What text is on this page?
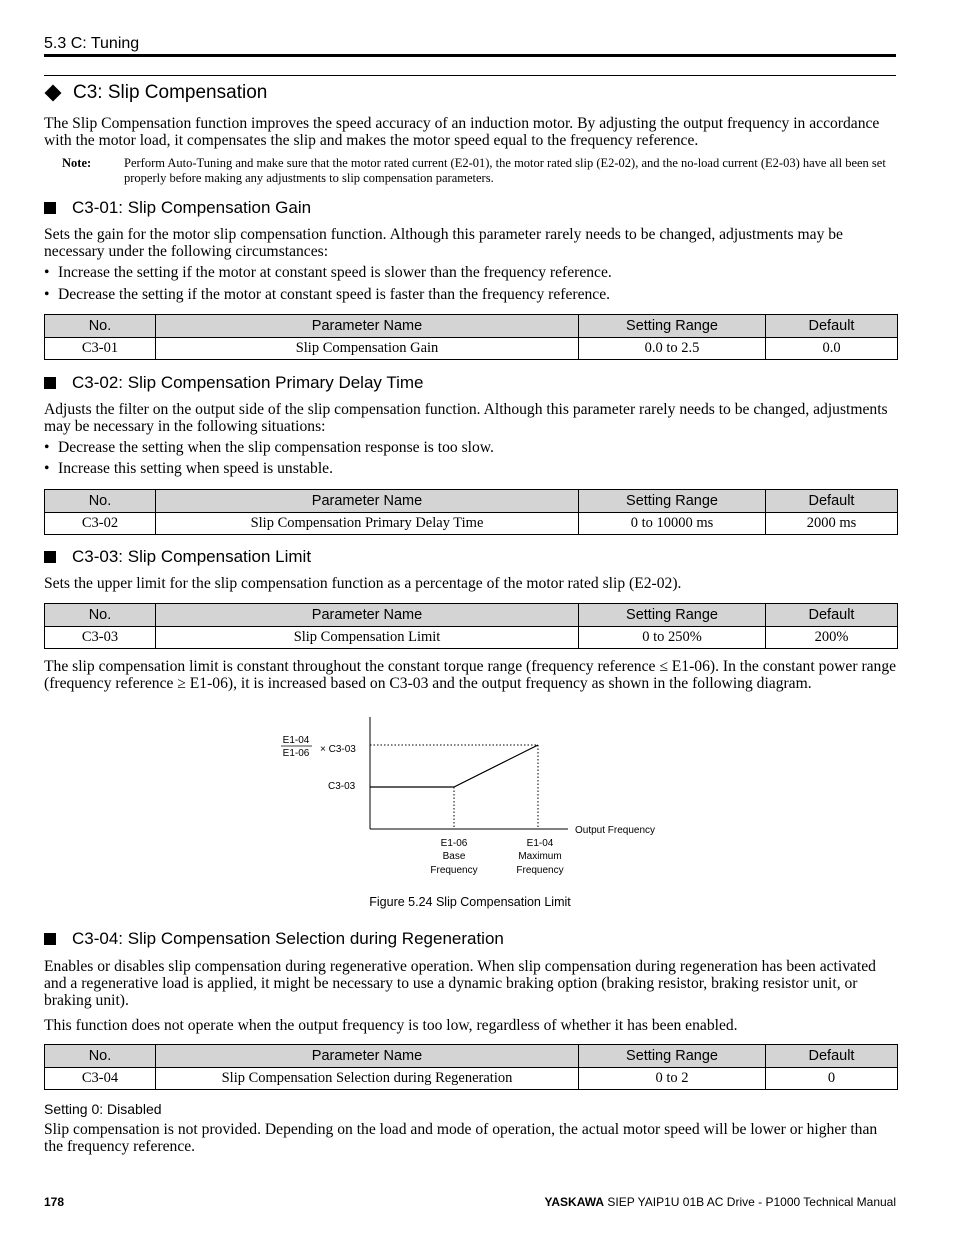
5.3 C: Tuning
C3: Slip Compensation
The Slip Compensation function improves the speed accuracy of an induction motor. By adjusting the output frequency in accordance with the motor load, it compensates the slip and makes the motor speed equal to the frequency reference.
Note:	Perform Auto-Tuning and make sure that the motor rated current (E2-01), the motor rated slip (E2-02), and the no-load current (E2-03) have all been set properly before making any adjustments to slip compensation parameters.
C3-01: Slip Compensation Gain
Sets the gain for the motor slip compensation function. Although this parameter rarely needs to be changed, adjustments may be necessary under the following circumstances:
• Increase the setting if the motor at constant speed is slower than the frequency reference.
• Decrease the setting if the motor at constant speed is faster than the frequency reference.
No.	Parameter Name	Setting Range	Default
C3-01	Slip Compensation Gain	0.0 to 2.5	0.0
C3-02: Slip Compensation Primary Delay Time
Adjusts the filter on the output side of the slip compensation function. Although this parameter rarely needs to be changed, adjustments may be necessary in the following situations:
• Decrease the setting when the slip compensation response is too slow.
• Increase this setting when speed is unstable.
No.	Parameter Name	Setting Range	Default
C3-02	Slip Compensation Primary Delay Time	0 to 10000 ms	2000 ms
C3-03: Slip Compensation Limit
Sets the upper limit for the slip compensation function as a percentage of the motor rated slip (E2-02).
No.	Parameter Name	Setting Range	Default
C3-03	Slip Compensation Limit	0 to 250%	200%
The slip compensation limit is constant throughout the constant torque range (frequency reference ≤ E1-06). In the constant power range (frequency reference ≥ E1-06), it is increased based on C3-03 and the output frequency as shown in the following diagram.
E1-04
E1-06 × C3-03
C3-03
Output Frequency
E1-06
Base
Frequency
E1-04
Maximum
Frequency
Figure 5.24 Slip Compensation Limit
C3-04: Slip Compensation Selection during Regeneration
Enables or disables slip compensation during regenerative operation. When slip compensation during regeneration has been activated and a regenerative load is applied, it might be necessary to use a dynamic braking option (braking resistor, braking resistor unit, or braking unit).
This function does not operate when the output frequency is too low, regardless of whether it has been enabled.
No.	Parameter Name	Setting Range	Default
C3-04	Slip Compensation Selection during Regeneration	0 to 2	0
Setting 0: Disabled
Slip compensation is not provided. Depending on the load and mode of operation, the actual motor speed will be lower or higher than the frequency reference.
178	YASKAWA SIEP YAIP1U 01B AC Drive - P1000 Technical Manual
